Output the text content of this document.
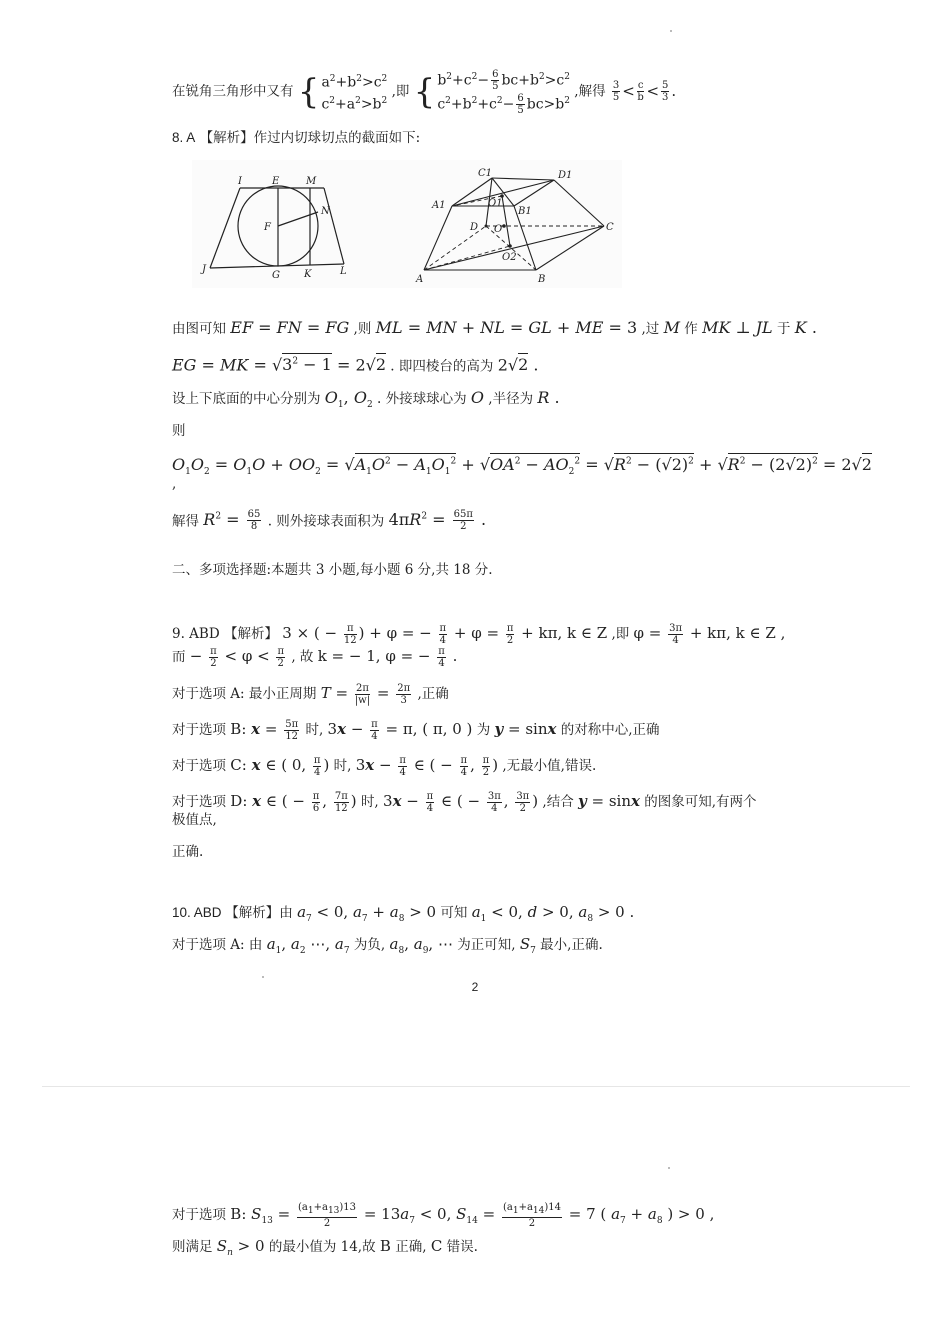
在锐角三角形中又有 { $a^2+b^2>c^2$
$c^2+a^2>b^2$ ,即 { $b^2+c^2- \frac{6}{5} bc+b^2>c^2$
$c^2+b^2+c^2- \frac{6}{5} bc>b^2$ ,解得 $\frac{3}{5} < \frac{c}{b} < \frac{5}{3}$ .
8. A 【解析】作过内切球切点的截面如下:
I	E	M
N
F
J
G K	L
C1	D1
A1	O1
B1
D O	C
O2
A	B
由图可知 EF = FN = FG ,则 ML = MN + NL = GL + ME = 3 ,过 M 作 MK ⊥ JL 于 K .
EG = MK = $√3^2 - 1 = 2√2$ . 即四棱台的高为 2√2 .
设上下底面的中心分别为 $O_1$, $O_2$ . 外接球球心为 O ,半径为 R .
则
$O_1O_2 = O_1O + OO_2 = √A_1O^2 - A_1O_1^2 + √OA^2 - AO_2^2 = √R^2 - (√2)^2 + √R^2 - (2√2)^2 = 2√2$
,
解得 $R^2 = \frac{65}{8}$ . 则外接球表面积为 $4\pi R^2 = \frac{65\pi}{2}$ .
二、多项选择题:本题共 3 小题,每小题 6 分,共 18 分.
9. ABD 【解析】 3 × ( − $\frac{\pi}{12}$ ) + φ = − $\frac{\pi}{4} + \varphi = \frac{\pi}{2} + k\pi$, k ∈ Z ,即 $\varphi = \frac{3\pi}{4} + k\pi$, k ∈ Z ,
而 − $\frac{\pi}{2} < \varphi < \frac{\pi}{2}$ , 故 k = − 1, φ = − $\frac{\pi}{4}$ .
对于选项 A: 最小正周期 $T = \frac{2\pi}{|w|} = \frac{2\pi}{3}$ ,正确
对于选项 B: $x = \frac{5\pi}{12}$ 时, $3x - \frac{\pi}{4} = \pi$, ( π, 0 ) 为 y = sinx 的对称中心,正确
对于选项 C: x ∈ ( 0, $\frac{\pi}{4}$ ) 时, $3x - \frac{\pi}{4}$ ∈ ( − $\frac{\pi}{4}$ , $\frac{\pi}{2}$ ) ,无最小值,错误.
对于选项 D: x ∈ ( − $\frac{\pi}{6}$ , $\frac{7\pi}{12}$ ) 时, $3x - \frac{\pi}{4}$ ∈ ( − $\frac{3\pi}{4}$ , $\frac{3\pi}{2}$ ) ,结合 y = sinx 的图象可知,有两个
极值点,
正确.
10. ABD 【解析】由 $a_7 < 0$, $a_7 + a_8 > 0$ 可知 $a_1 < 0$, d > 0, $a_8 > 0$ .
对于选项 A: 由 $a_1$, $a_2$ ⋯, $a_7$ 为负, $a_8$, $a_9$, ⋯ 为正可知, $S_7$ 最小,正确.
2
对于选项 B: $S_{13} = \frac{(a_1+a_{13})13}{2} = 13a_7 < 0$, $S_{14} = \frac{(a_1+a_{14})14}{2} = 7$ ( $a_7 + a_8$ ) > 0 ,
则满足 $S_n > 0$ 的最小值为 14,故 B 正确, C 错误.
